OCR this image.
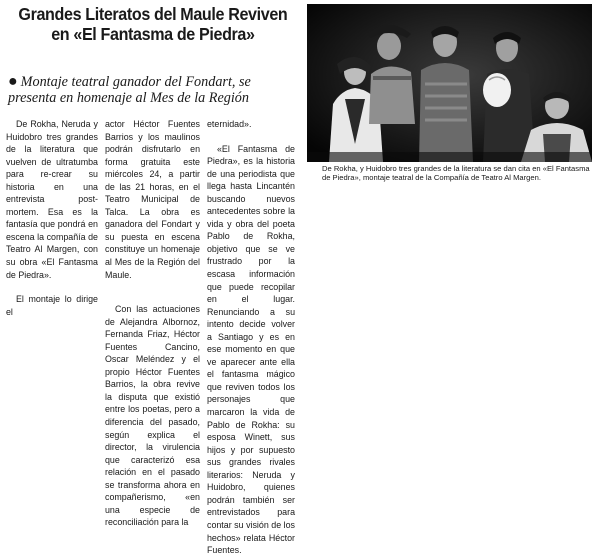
Grandes Literatos del Maule Reviven
en «El Fantasma de Piedra»
● Montaje teatral ganador del Fondart, se presenta en homenaje al Mes de la Región
De Rokha, y Huidobro tres grandes de la literatura se dan cita en «El Fantasma de Piedra», montaje teatral de la Compañía de Teatro Al Margen.

De Rokha, Neruda y Huidobro tres grandes de la literatura que vuelven de ultratumba para re-crear su historia en una entrevista post-mortem. Esa es la fantasía que pondrá en escena la compañía de Teatro Al Margen, con su obra «El Fantasma de Piedra».

El montaje lo dirige el

actor Héctor Fuentes Barrios y los maulinos podrán disfrutarlo en forma gratuita este miércoles 24, a partir de las 21 horas, en el Teatro Municipal de Talca. La obra es ganadora del Fondart y su puesta en escena constituye un homenaje al Mes de la Región del Maule.

Con las actuaciones de Alejandra Albornoz, Fernanda Friaz, Héctor Fuentes Cancino, Oscar Meléndez y el propio Héctor Fuentes Barrios, la obra revive la disputa que existió entre los poetas, pero a diferencia del pasado, según explica el director, la virulencia que caracterizó esa relación en el pasado se transforma ahora en compañerismo, «en una especie de reconciliación para la

eternidad».

«El Fantasma de Piedra», es la historia de una periodista que llega hasta Lincantén buscando nuevos antecedentes sobre la vida y obra del poeta Pablo de Rokha, objetivo que se ve frustrado por la escasa información que puede recopilar en el lugar. Renunciando a su intento decide volver a Santiago y es en ese momento en que ve aparecer ante ella el fantasma mágico que reviven todos los personajes que marcaron la vida de Pablo de Rokha: su esposa Winett, sus hijos y por supuesto sus grandes rivales literarios: Neruda y Huidobro, quienes podrán también ser entrevistados para contar su visión de los hechos» relata Héctor Fuentes.
